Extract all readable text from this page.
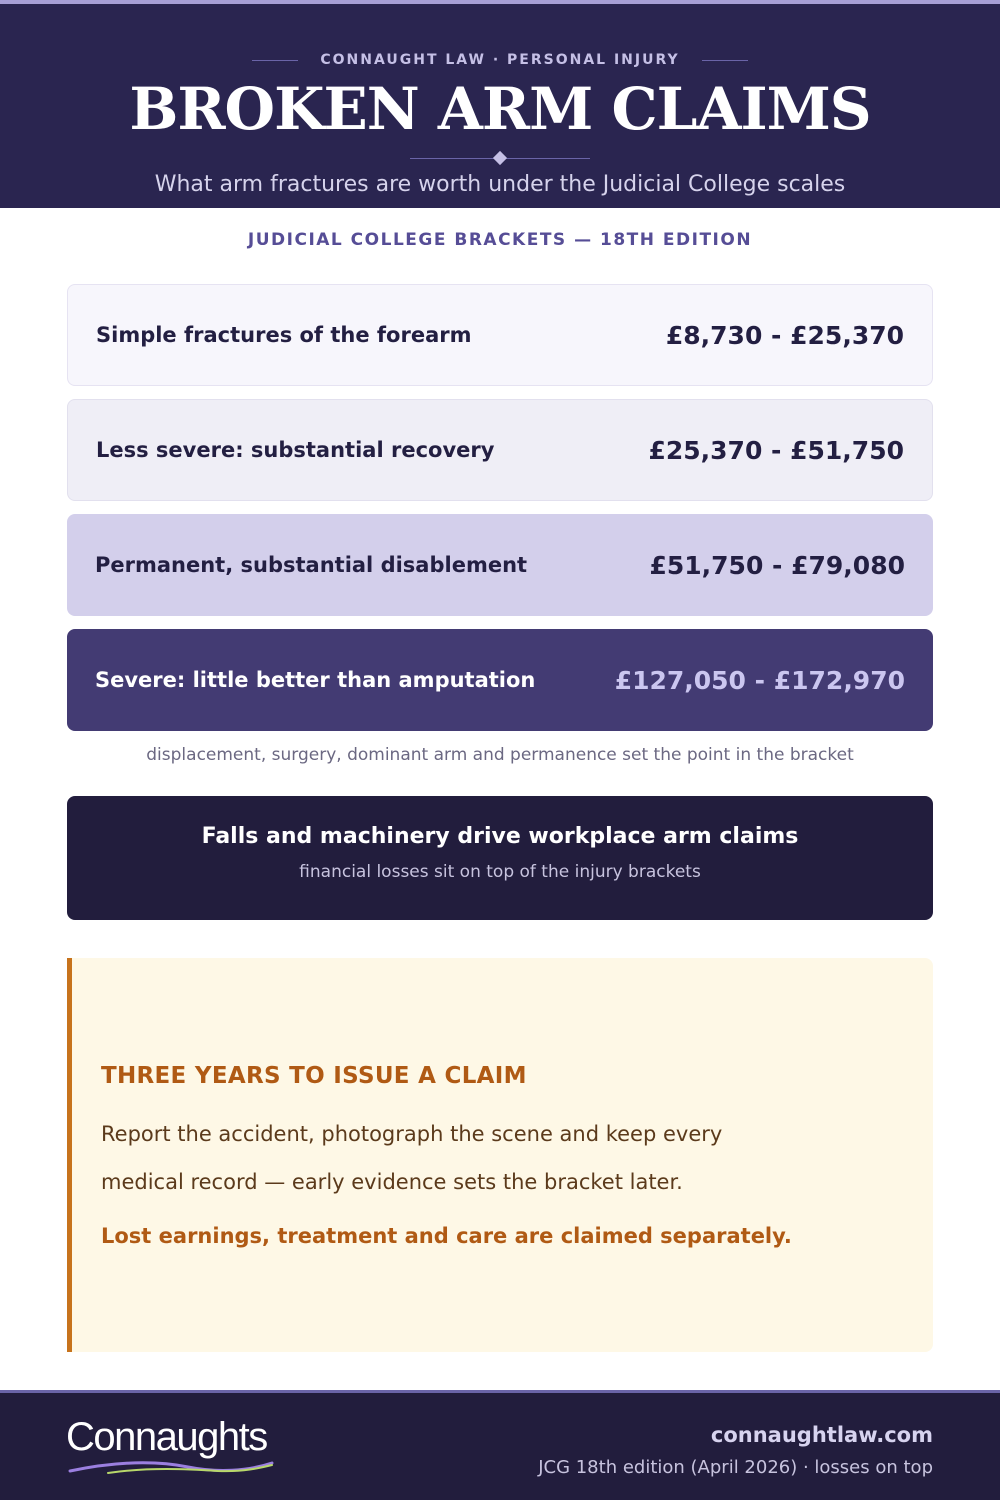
CONNAUGHT LAW · PERSONAL INJURY
BROKEN ARM CLAIMS
What arm fractures are worth under the Judicial College scales
JUDICIAL COLLEGE BRACKETS — 18TH EDITION
Simple fractures of the forearm	£8,730 - £25,370
Less severe: substantial recovery	£25,370 - £51,750
Permanent, substantial disablement	£51,750 - £79,080
Severe: little better than amputation	£127,050 - £172,970
displacement, surgery, dominant arm and permanence set the point in the bracket
Falls and machinery drive workplace arm claims
financial losses sit on top of the injury brackets
THREE YEARS TO ISSUE A CLAIM
Report the accident, photograph the scene and keep every medical record — early evidence sets the bracket later.
Lost earnings, treatment and care are claimed separately.
Connaughts	connaughtlaw.com
JCG 18th edition (April 2026) · losses on top
